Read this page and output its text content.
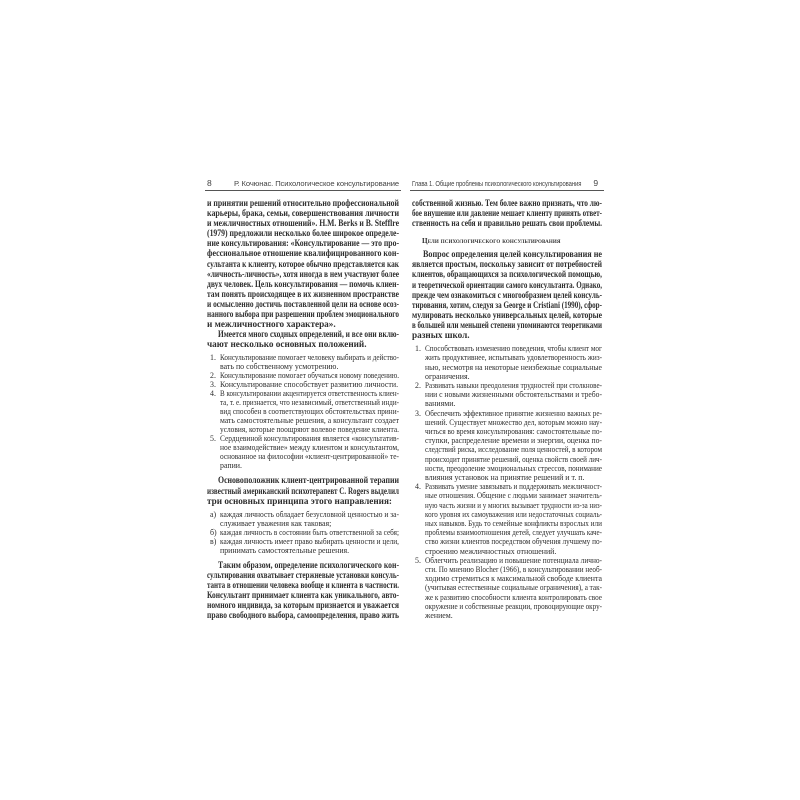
8	Р. Кочюнас. Психологическое консультирование
и принятии решений относительно профессиональной
карьеры, брака, семьи, совершенствования личности
и межличностных отношений». H.M. Berks и B. Stefflre
(1979) предложили несколько более широкое определе-
ние консультирования: «Консультирование — это про-
фессиональное отношение квалифицированного кон-
сультанта к клиенту, которое обычно представляется как
«личность-личность», хотя иногда в нем участвуют более
двух человек. Цель консультирования — помочь клиен-
там понять происходящее в их жизненном пространстве
и осмысленно достичь поставленной цели на основе осоз-
нанного выбора при разрешении проблем эмоционального
и межличностного характера».
Имеется много сходных определений, и все они вклю-
чают несколько основных положений.
1. Консультирование помогает человеку выбирать и действо-
вать по собственному усмотрению.
2. Консультирование помогает обучаться новому поведению.
3. Консультирование способствует развитию личности.
4. В консультировании акцентируется ответственность клиен-
та, т. е. признается, что независимый, ответственный инди-
вид способен в соответствующих обстоятельствах прини-
мать самостоятельные решения, а консультант создает
условия, которые поощряют волевое поведение клиента.
5. Сердцевиной консультирования является «консультатив-
ное взаимодействие» между клиентом и консультантом,
основанное на философии «клиент-центрированной» те-
рапии.
Основоположник клиент-центрированной терапии
известный американский психотерапевт C. Rogers выделил
три основных принципа этого направления:
а) каждая личность обладает безусловной ценностью и за-
служивает уважения как таковая;
б) каждая личность в состоянии быть ответственной за себя;
в) каждая личность имеет право выбирать ценности и цели,
принимать самостоятельные решения.
Таким образом, определение психологического кон-
сультирования охватывает стержневые установки консуль-
танта в отношении человека вообще и клиента в частности.
Консультант принимает клиента как уникального, авто-
номного индивида, за которым признается и уважается
право свободного выбора, самоопределения, право жить
Глава 1. Общие проблемы психологического консультирования 9
собственной жизнью. Тем более важно признать, что лю-
бое внушение или давление мешает клиенту принять ответ-
ственность на себя и правильно решать свои проблемы.
Цели психологического консультирования
Вопрос определения целей консультирования не
является простым, поскольку зависит от потребностей
клиентов, обращающихся за психологической помощью,
и теоретической ориентации самого консультанта. Однако,
прежде чем ознакомиться с многообразием целей консуль-
тирования, хотим, следуя за George и Cristiani (1990), сфор-
мулировать несколько универсальных целей, которые
в большей или меньшей степени упоминаются теоретиками
разных школ.
1. Способствовать изменению поведения, чтобы клиент мог
жить продуктивнее, испытывать удовлетворенность жиз-
нью, несмотря на некоторые неизбежные социальные
ограничения.
2. Развивать навыки преодоления трудностей при столкнове-
нии с новыми жизненными обстоятельствами и требо-
ваниями.
3. Обеспечить эффективное принятие жизненно важных ре-
шений. Существует множество дел, которым можно нау-
читься во время консультирования: самостоятельные по-
ступки, распределение времени и энергии, оценка по-
следствий риска, исследование поля ценностей, в котором
происходит принятие решений, оценка свойств своей лич-
ности, преодоление эмоциональных стрессов, понимание
влияния установок на принятие решений и т. п.
4. Развивать умение завязывать и поддерживать межличност-
ные отношения. Общение с людьми занимает значитель-
ную часть жизни и у многих вызывает трудности из-за низ-
кого уровня их самоуважения или недостаточных социаль-
ных навыков. Будь то семейные конфликты взрослых или
проблемы взаимоотношения детей, следует улучшать каче-
ство жизни клиентов посредством обучения лучшему по-
строению межличностных отношений.
5. Облегчить реализацию и повышение потенциала лично-
сти. По мнению Blocher (1966), в консультировании необ-
ходимо стремиться к максимальной свободе клиента
(учитывая естественные социальные ограничения), а так-
же к развитию способности клиента контролировать свое
окружение и собственные реакции, провоцирующие окру-
жением.
